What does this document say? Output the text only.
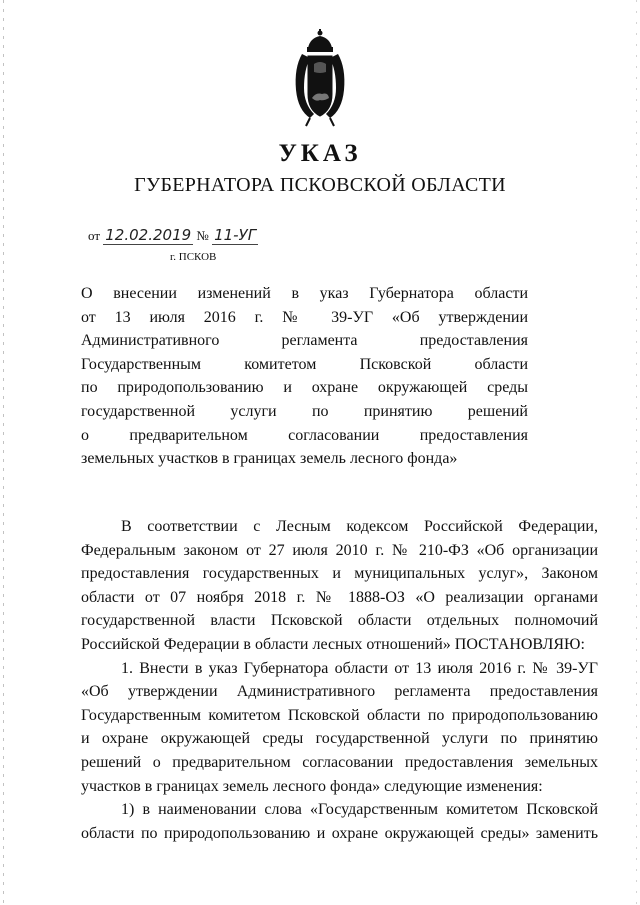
УКАЗ
ГУБЕРНАТОРА ПСКОВСКОЙ ОБЛАСТИ
от 12.02.2019 № 11-УГ
г. ПСКОВ
О внесении изменений в указ Губернатора области
от 13 июля 2016 г. № 39-УГ «Об утверждении
Административного регламента предоставления
Государственным комитетом Псковской области
по природопользованию и охране окружающей среды
государственной услуги по принятию решений
о предварительном согласовании предоставления
земельных участков в границах земель лесного фонда»
В соответствии с Лесным кодексом Российской Федерации,
Федеральным законом от 27 июля 2010 г. № 210-ФЗ «Об организации
предоставления государственных и муниципальных услуг», Законом
области от 07 ноября 2018 г. № 1888-ОЗ «О реализации органами
государственной власти Псковской области отдельных полномочий
Российской Федерации в области лесных отношений» ПОСТАНОВЛЯЮ:
1. Внести в указ Губернатора области от 13 июля 2016 г. № 39-УГ
«Об утверждении Административного регламента предоставления
Государственным комитетом Псковской области по природопользованию
и охране окружающей среды государственной услуги по принятию
решений о предварительном согласовании предоставления земельных
участков в границах земель лесного фонда» следующие изменения:
1) в наименовании слова «Государственным комитетом Псковской
области по природопользованию и охране окружающей среды» заменить
